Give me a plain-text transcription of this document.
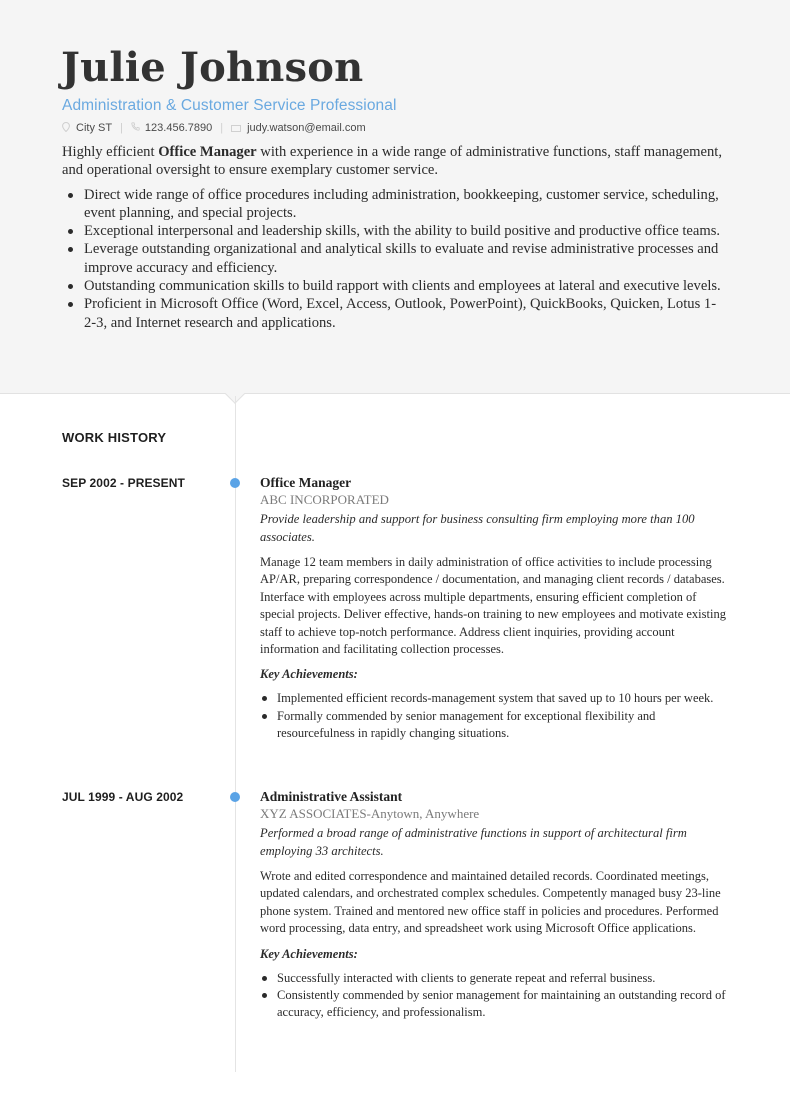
Julie Johnson
Administration & Customer Service Professional
City ST | 123.456.7890 | judy.watson@email.com

Highly efficient Office Manager with experience in a wide range of administrative functions, staff management, and operational oversight to ensure exemplary customer service.

Direct wide range of office procedures including administration, bookkeeping, customer service, scheduling, event planning, and special projects.
Exceptional interpersonal and leadership skills, with the ability to build positive and productive office teams.
Leverage outstanding organizational and analytical skills to evaluate and revise administrative processes and improve accuracy and efficiency.
Outstanding communication skills to build rapport with clients and employees at lateral and executive levels.
Proficient in Microsoft Office (Word, Excel, Access, Outlook, PowerPoint), QuickBooks, Quicken, Lotus 1-2-3, and Internet research and applications.
WORK HISTORY
SEP 2002 - PRESENT	Office Manager
ABC INCORPORATED
Provide leadership and support for business consulting firm employing more than 100 associates.
Manage 12 team members in daily administration of office activities to include processing AP/AR, preparing correspondence / documentation, and managing client records / databases. Interface with employees across multiple departments, ensuring efficient completion of special projects. Deliver effective, hands-on training to new employees and motivate existing staff to achieve top-notch performance. Address client inquiries, providing account information and facilitating collection processes.
Key Achievements:
Implemented efficient records-management system that saved up to 10 hours per week.
Formally commended by senior management for exceptional flexibility and resourcefulness in rapidly changing situations.
JUL 1999 - AUG 2002	Administrative Assistant
XYZ ASSOCIATES-Anytown, Anywhere
Performed a broad range of administrative functions in support of architectural firm employing 33 architects.
Wrote and edited correspondence and maintained detailed records. Coordinated meetings, updated calendars, and orchestrated complex schedules. Competently managed busy 23-line phone system. Trained and mentored new office staff in policies and procedures. Performed word processing, data entry, and spreadsheet work using Microsoft Office applications.
Key Achievements:
Successfully interacted with clients to generate repeat and referral business.
Consistently commended by senior management for maintaining an outstanding record of accuracy, efficiency, and professionalism.
